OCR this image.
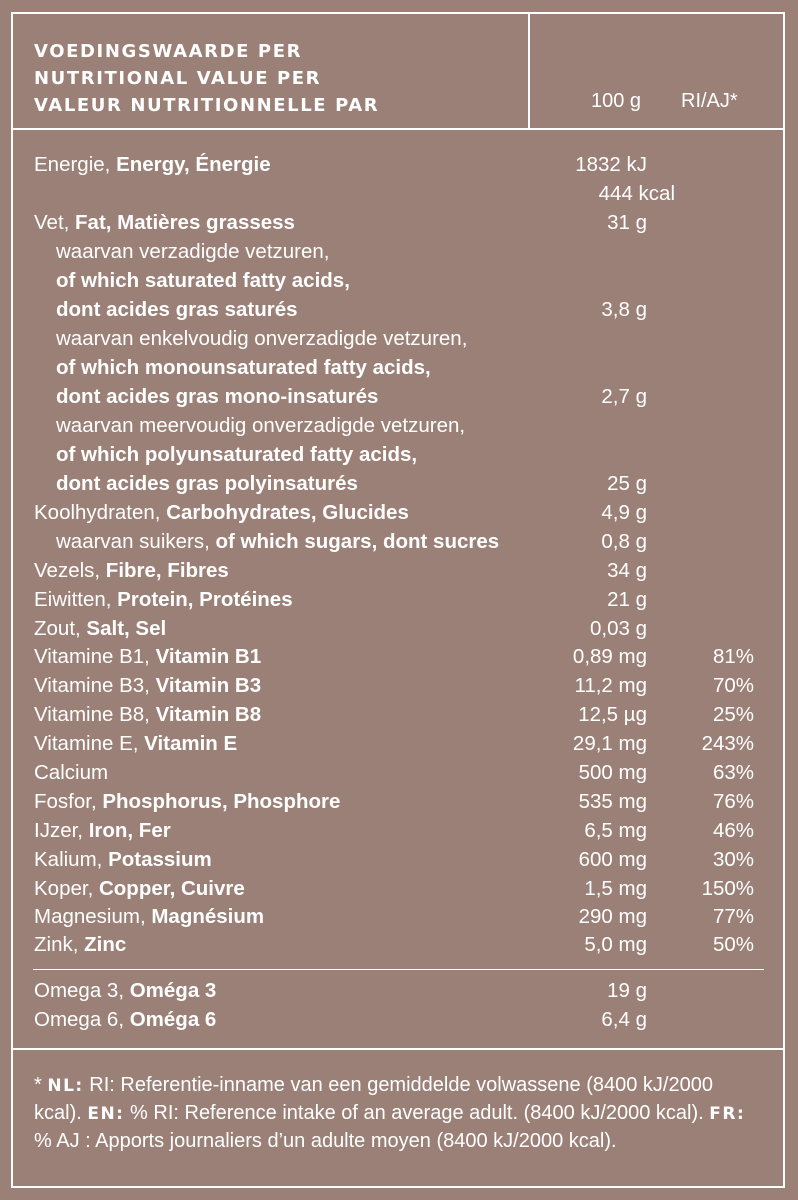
VOEDINGSWAARDE PER
NUTRITIONAL VALUE PER
VALEUR NUTRITIONNELLE PAR	100 g RI/AJ*
Energie, Energy, Énergie	1832 kJ
444 kcal
Vet, Fat, Matières grassess	31 g
waarvan verzadigde vetzuren,
of which saturated fatty acids,
dont acides gras saturés	3,8 g
waarvan enkelvoudig onverzadigde vetzuren,
of which monounsaturated fatty acids,
dont acides gras mono-insaturés	2,7 g
waarvan meervoudig onverzadigde vetzuren,
of which polyunsaturated fatty acids,
dont acides gras polyinsaturés	25 g
Koolhydraten, Carbohydrates, Glucides	4,9 g
waarvan suikers, of which sugars, dont sucres	0,8 g
Vezels, Fibre, Fibres	34 g
Eiwitten, Protein, Protéines	21 g
Zout, Salt, Sel	0,03 g
Vitamine B1, Vitamin B1	0,89 mg	81%
Vitamine B3, Vitamin B3	11,2 mg	70%
Vitamine B8, Vitamin B8	12,5 µg	25%
Vitamine E, Vitamin E	29,1 mg	243%
Calcium	500 mg	63%
Fosfor, Phosphorus, Phosphore	535 mg	76%
IJzer, Iron, Fer	6,5 mg	46%
Kalium, Potassium	600 mg	30%
Koper, Copper, Cuivre	1,5 mg	150%
Magnesium, Magnésium	290 mg	77%
Zink, Zinc	5,0 mg	50%
Omega 3, Oméga 3	19 g
Omega 6, Oméga 6	6,4 g
* NL: RI: Referentie-inname van een gemiddelde volwassene (8400 kJ/2000 kcal). EN: % RI: Reference intake of an average adult. (8400 kJ/2000 kcal). FR: % AJ : Apports journaliers d’un adulte moyen (8400 kJ/2000 kcal).
